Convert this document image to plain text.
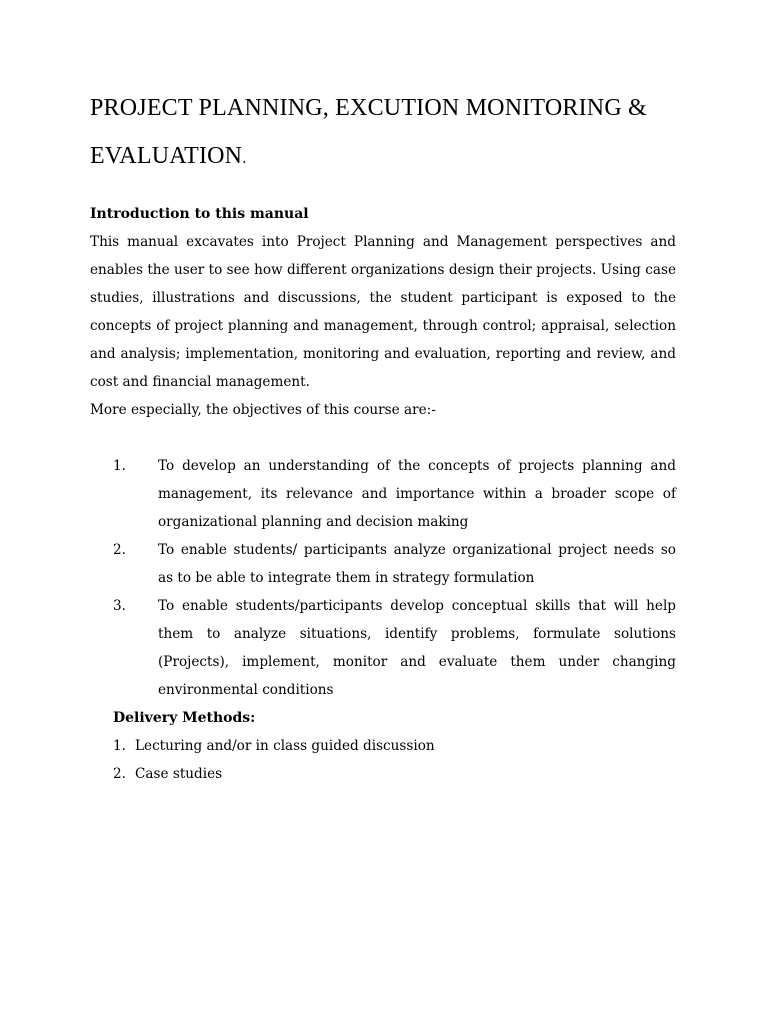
PROJECT PLANNING, EXCUTION MONITORING &
EVALUATION.
Introduction to this manual

This manual excavates into Project Planning and Management perspectives and enables the user to see how different organizations design their projects. Using case studies, illustrations and discussions, the student participant is exposed to the concepts of project planning and management, through control; appraisal, selection and analysis; implementation, monitoring and evaluation, reporting and review, and cost and financial management.

More especially, the objectives of this course are:-

1. To develop an understanding of the concepts of projects planning and management, its relevance and importance within a broader scope of organizational planning and decision making
2. To enable students/ participants analyze organizational project needs so as to be able to integrate them in strategy formulation
3. To enable students/participants develop conceptual skills that will help them to analyze situations, identify problems, formulate solutions (Projects), implement, monitor and evaluate them under changing environmental conditions
Delivery Methods:
1. Lecturing and/or in class guided discussion
2. Case studies
